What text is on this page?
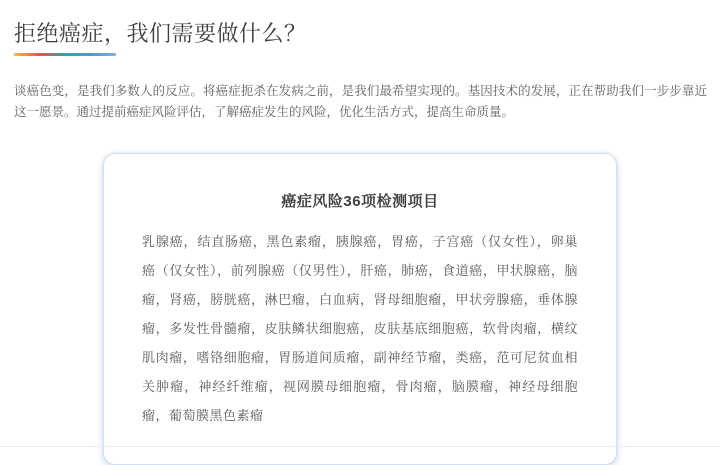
拒绝癌症，我们需要做什么？

谈癌色变，是我们多数人的反应。将癌症扼杀在发病之前，是我们最希望实现的。基因技术的发展，正在帮助我们一步步靠近这一愿景。通过提前癌症风险评估，了解癌症发生的风险，优化生活方式，提高生命质量。

癌症风险36项检测项目

乳腺癌，结直肠癌，黑色素瘤，胰腺癌，胃癌，子宫癌（仅女性），卵巢癌（仅女性），前列腺癌（仅男性），肝癌，肺癌，食道癌，甲状腺癌，脑瘤，肾癌，膀胱癌，淋巴瘤，白血病，肾母细胞瘤，甲状旁腺癌，垂体腺瘤，多发性骨髓瘤，皮肤鳞状细胞癌，皮肤基底细胞癌，软骨肉瘤，横纹肌肉瘤，嗜铬细胞瘤，胃肠道间质瘤，副神经节瘤，类癌，范可尼贫血相关肿瘤，神经纤维瘤，视网膜母细胞瘤，骨肉瘤，脑膜瘤，神经母细胞瘤，葡萄膜黑色素瘤
